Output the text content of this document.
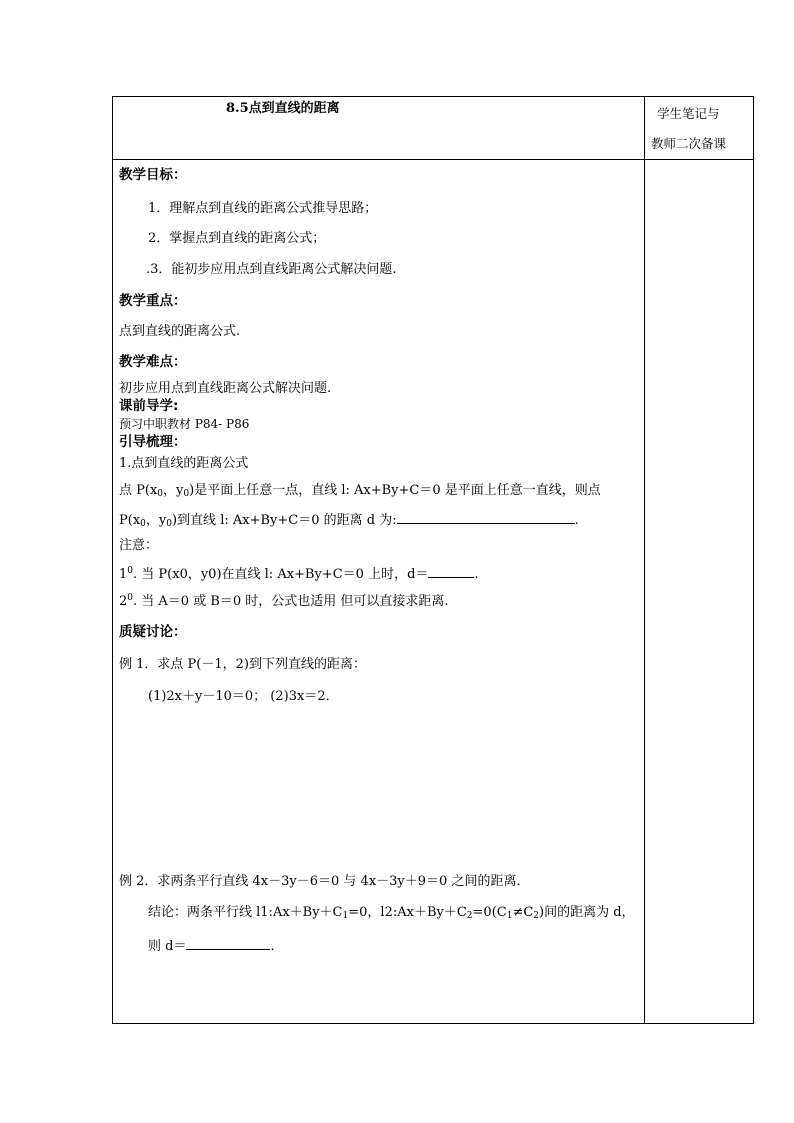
8.5点到直线的距离	学生笔记与
教师二次备课
教学目标：
1．理解点到直线的距离公式推导思路；
2．掌握点到直线的距离公式；
.3．能初步应用点到直线距离公式解决问题.
教学重点：
点到直线的距离公式.
教学难点：
初步应用点到直线距离公式解决问题.
课前导学:
预习中职教材 P84- P86
引导梳理：
1.点到直线的距离公式
点 $P(x_0$，$y_0$)是平面上任意一点，直线 l: Ax+By+C＝0 是平面上任意一直线，则点
$P(x_0$，$y_0$)到直线 l: Ax+By+C＝0 的距离 d 为:	.
注意：
$1^0$. 当 P(x0，y0)在直线 l: Ax+By+C＝0 上时，d＝	.
$2^0$. 当 A＝0 或 B＝0 时，公式也适用 但可以直接求距离.
质疑讨论：
例 1．求点 P(－1，2)到下列直线的距离：
(1)2x＋y－10＝0； (2)3x＝2．
例 2．求两条平行直线 4x－3y－6＝0 与 4x－3y＋9＝0 之间的距离．
结论：两条平行线 $l1:Ax+By+C_1=0$，$l2:Ax+By+C_2=0(C_1\ne C_2)$间的距离为 d，
则 d＝	．
